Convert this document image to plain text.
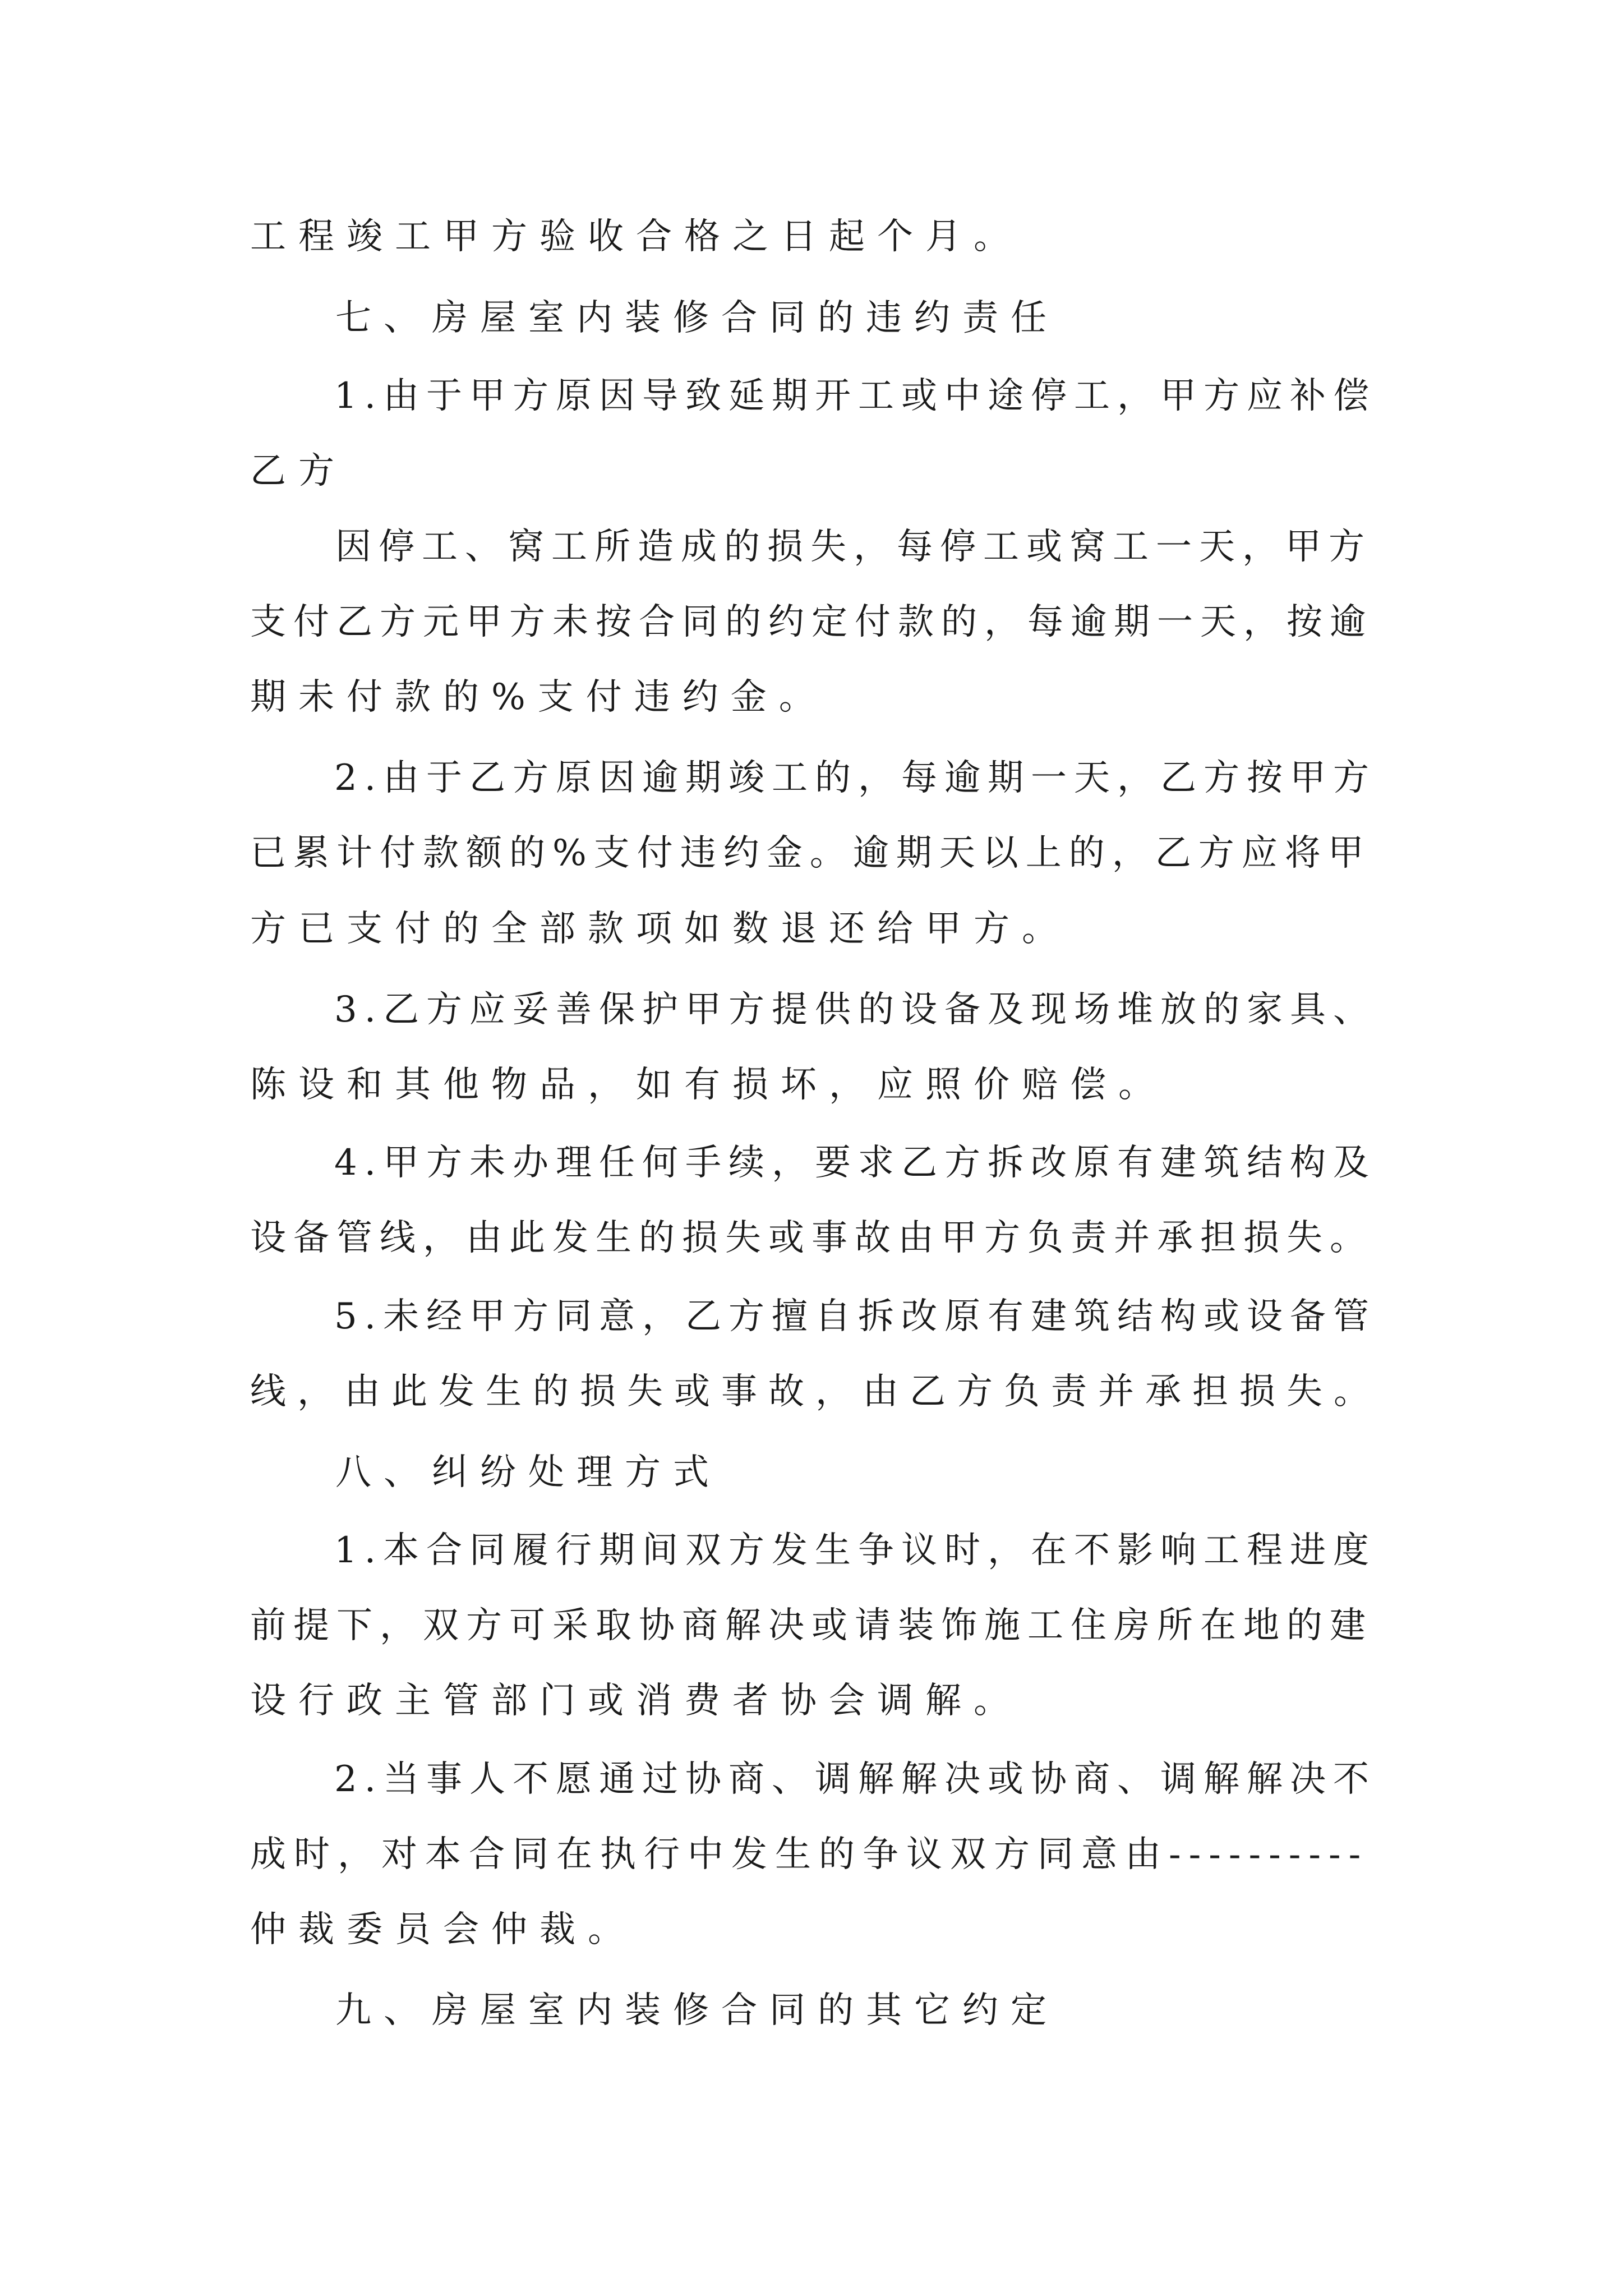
工程竣工甲方验收合格之日起个月。
七、房屋室内装修合同的违约责任
1.由于甲方原因导致延期开工或中途停工，甲方应补偿
乙方
因停工、窝工所造成的损失，每停工或窝工一天，甲方
支付乙方元甲方未按合同的约定付款的，每逾期一天，按逾
期未付款的%支付违约金。
2.由于乙方原因逾期竣工的，每逾期一天，乙方按甲方
已累计付款额的%支付违约金。逾期天以上的，乙方应将甲
方已支付的全部款项如数退还给甲方。
3.乙方应妥善保护甲方提供的设备及现场堆放的家具、
陈设和其他物品，如有损坏，应照价赔偿。
4.甲方未办理任何手续，要求乙方拆改原有建筑结构及
设备管线，由此发生的损失或事故由甲方负责并承担损失。
5.未经甲方同意，乙方擅自拆改原有建筑结构或设备管
线，由此发生的损失或事故，由乙方负责并承担损失。
八、纠纷处理方式
1.本合同履行期间双方发生争议时，在不影响工程进度
前提下，双方可采取协商解决或请装饰施工住房所在地的建
设行政主管部门或消费者协会调解。
2.当事人不愿通过协商、调解解决或协商、调解解决不
成时，对本合同在执行中发生的争议双方同意由----------
仲裁委员会仲裁。
九、房屋室内装修合同的其它约定
